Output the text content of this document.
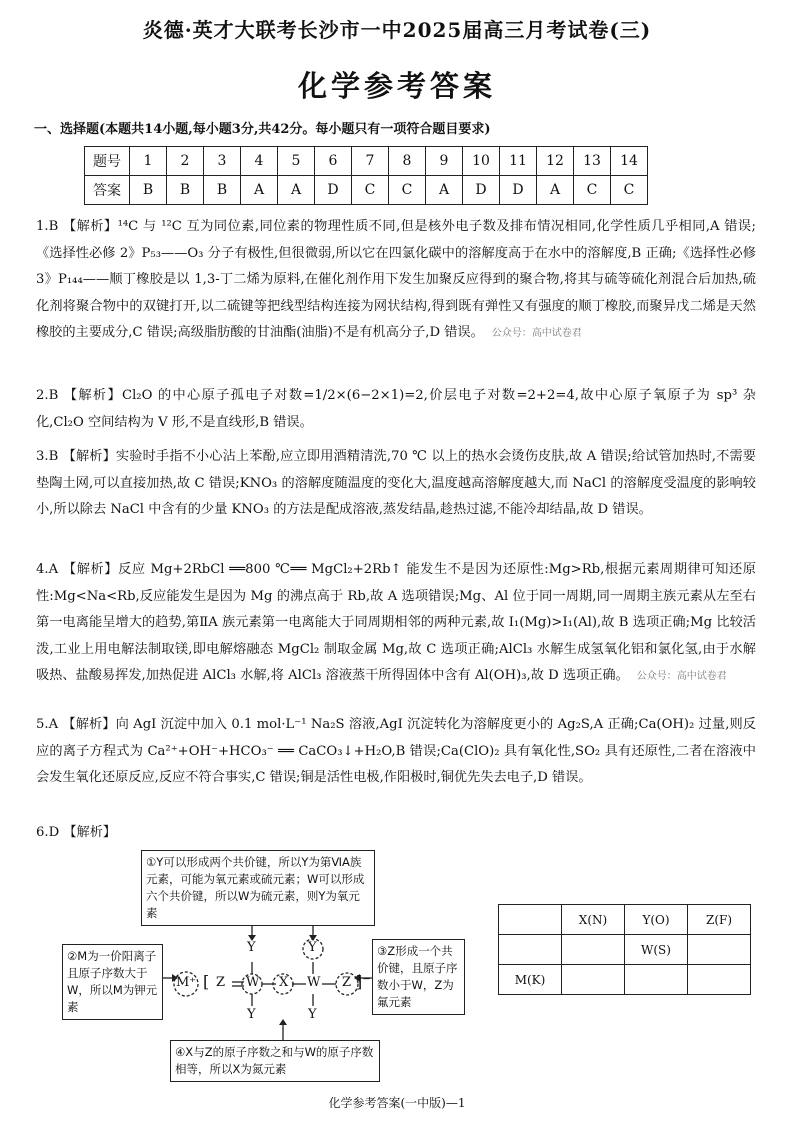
炎德·英才大联考长沙市一中2025届高三月考试卷(三)
化学参考答案
一、选择题(本题共14小题,每小题3分,共42分。每小题只有一项符合题目要求)
题号	1	2	3	4	5	6	7	8	9	10	11	12	13	14
答案	B	B	B	A	A	D	C	C	A	D	D	A	C	C
1.B 【解析】¹⁴C 与 ¹²C 互为同位素,同位素的物理性质不同,但是核外电子数及排布情况相同,化学性质几乎相同,A 错误;《选择性必修 2》P₅₃——O₃ 分子有极性,但很微弱,所以它在四氯化碳中的溶解度高于在水中的溶解度,B 正确;《选择性必修 3》P₁₄₄——顺丁橡胶是以 1,3-丁二烯为原料,在催化剂作用下发生加聚反应得到的聚合物,将其与硫等硫化剂混合后加热,硫化剂将聚合物中的双键打开,以二硫键等把线型结构连接为网状结构,得到既有弹性又有强度的顺丁橡胶,而聚异戊二烯是天然橡胶的主要成分,C 错误;高级脂肪酸的甘油酯(油脂)不是有机高分子,D 错误。 公众号：高中试卷君
2.B 【解析】Cl₂O 的中心原子孤电子对数=1/2×(6−2×1)=2,价层电子对数=2+2=4,故中心原子氧原子为 sp³ 杂化,Cl₂O 空间结构为 V 形,不是直线形,B 错误。
3.B 【解析】实验时手指不小心沾上苯酚,应立即用酒精清洗,70 ℃ 以上的热水会烫伤皮肤,故 A 错误;给试管加热时,不需要垫陶土网,可以直接加热,故 C 错误;KNO₃ 的溶解度随温度的变化大,温度越高溶解度越大,而 NaCl 的溶解度受温度的影响较小,所以除去 NaCl 中含有的少量 KNO₃ 的方法是配成溶液,蒸发结晶,趁热过滤,不能冷却结晶,故 D 错误。
4.A 【解析】反应 Mg+2RbCl ══800 ℃══ MgCl₂+2Rb↑ 能发生不是因为还原性:Mg>Rb,根据元素周期律可知还原性:Mg<Na<Rb,反应能发生是因为 Mg 的沸点高于 Rb,故 A 选项错误;Mg、Al 位于同一周期,同一周期主族元素从左至右第一电离能呈增大的趋势,第ⅡA 族元素第一电离能大于同周期相邻的两种元素,故 I₁(Mg)>I₁(Al),故 B 选项正确;Mg 比较活泼,工业上用电解法制取镁,即电解熔融态 MgCl₂ 制取金属 Mg,故 C 选项正确;AlCl₃ 水解生成氢氧化铝和氯化氢,由于水解吸热、盐酸易挥发,加热促进 AlCl₃ 水解,将 AlCl₃ 溶液蒸干所得固体中含有 Al(OH)₃,故 D 选项正确。 公众号：高中试卷君
5.A 【解析】向 AgI 沉淀中加入 0.1 mol·L⁻¹ Na₂S 溶液,AgI 沉淀转化为溶解度更小的 Ag₂S,A 正确;Ca(OH)₂ 过量,则反应的离子方程式为 Ca²⁺+OH⁻+HCO₃⁻ ══ CaCO₃↓+H₂O,B 错误;Ca(ClO)₂ 具有氧化性,SO₂ 具有还原性,二者在溶液中会发生氧化还原反应,反应不符合事实,C 错误;铜是活性电极,作阳极时,铜优先失去电子,D 错误。
6.D 【解析】
M⁺ [ Z W X W Z ]⁻
Y
Y
Y
Y
①Y可以形成两个共价键，所以Y为第ⅥA族元素，可能为氧元素或硫元素；W可以形成六个共价键，所以W为硫元素，则Y为氧元素
②M为一价阳离子且原子序数大于W，所以M为钾元素
③Z形成一个共价键，且原子序数小于W，Z为氟元素
④X与Z的原子序数之和与W的原子序数相等，所以X为氮元素
	X(N)	Y(O)	Z(F)
		W(S)	
M(K)			
化学参考答案(一中版)—1
